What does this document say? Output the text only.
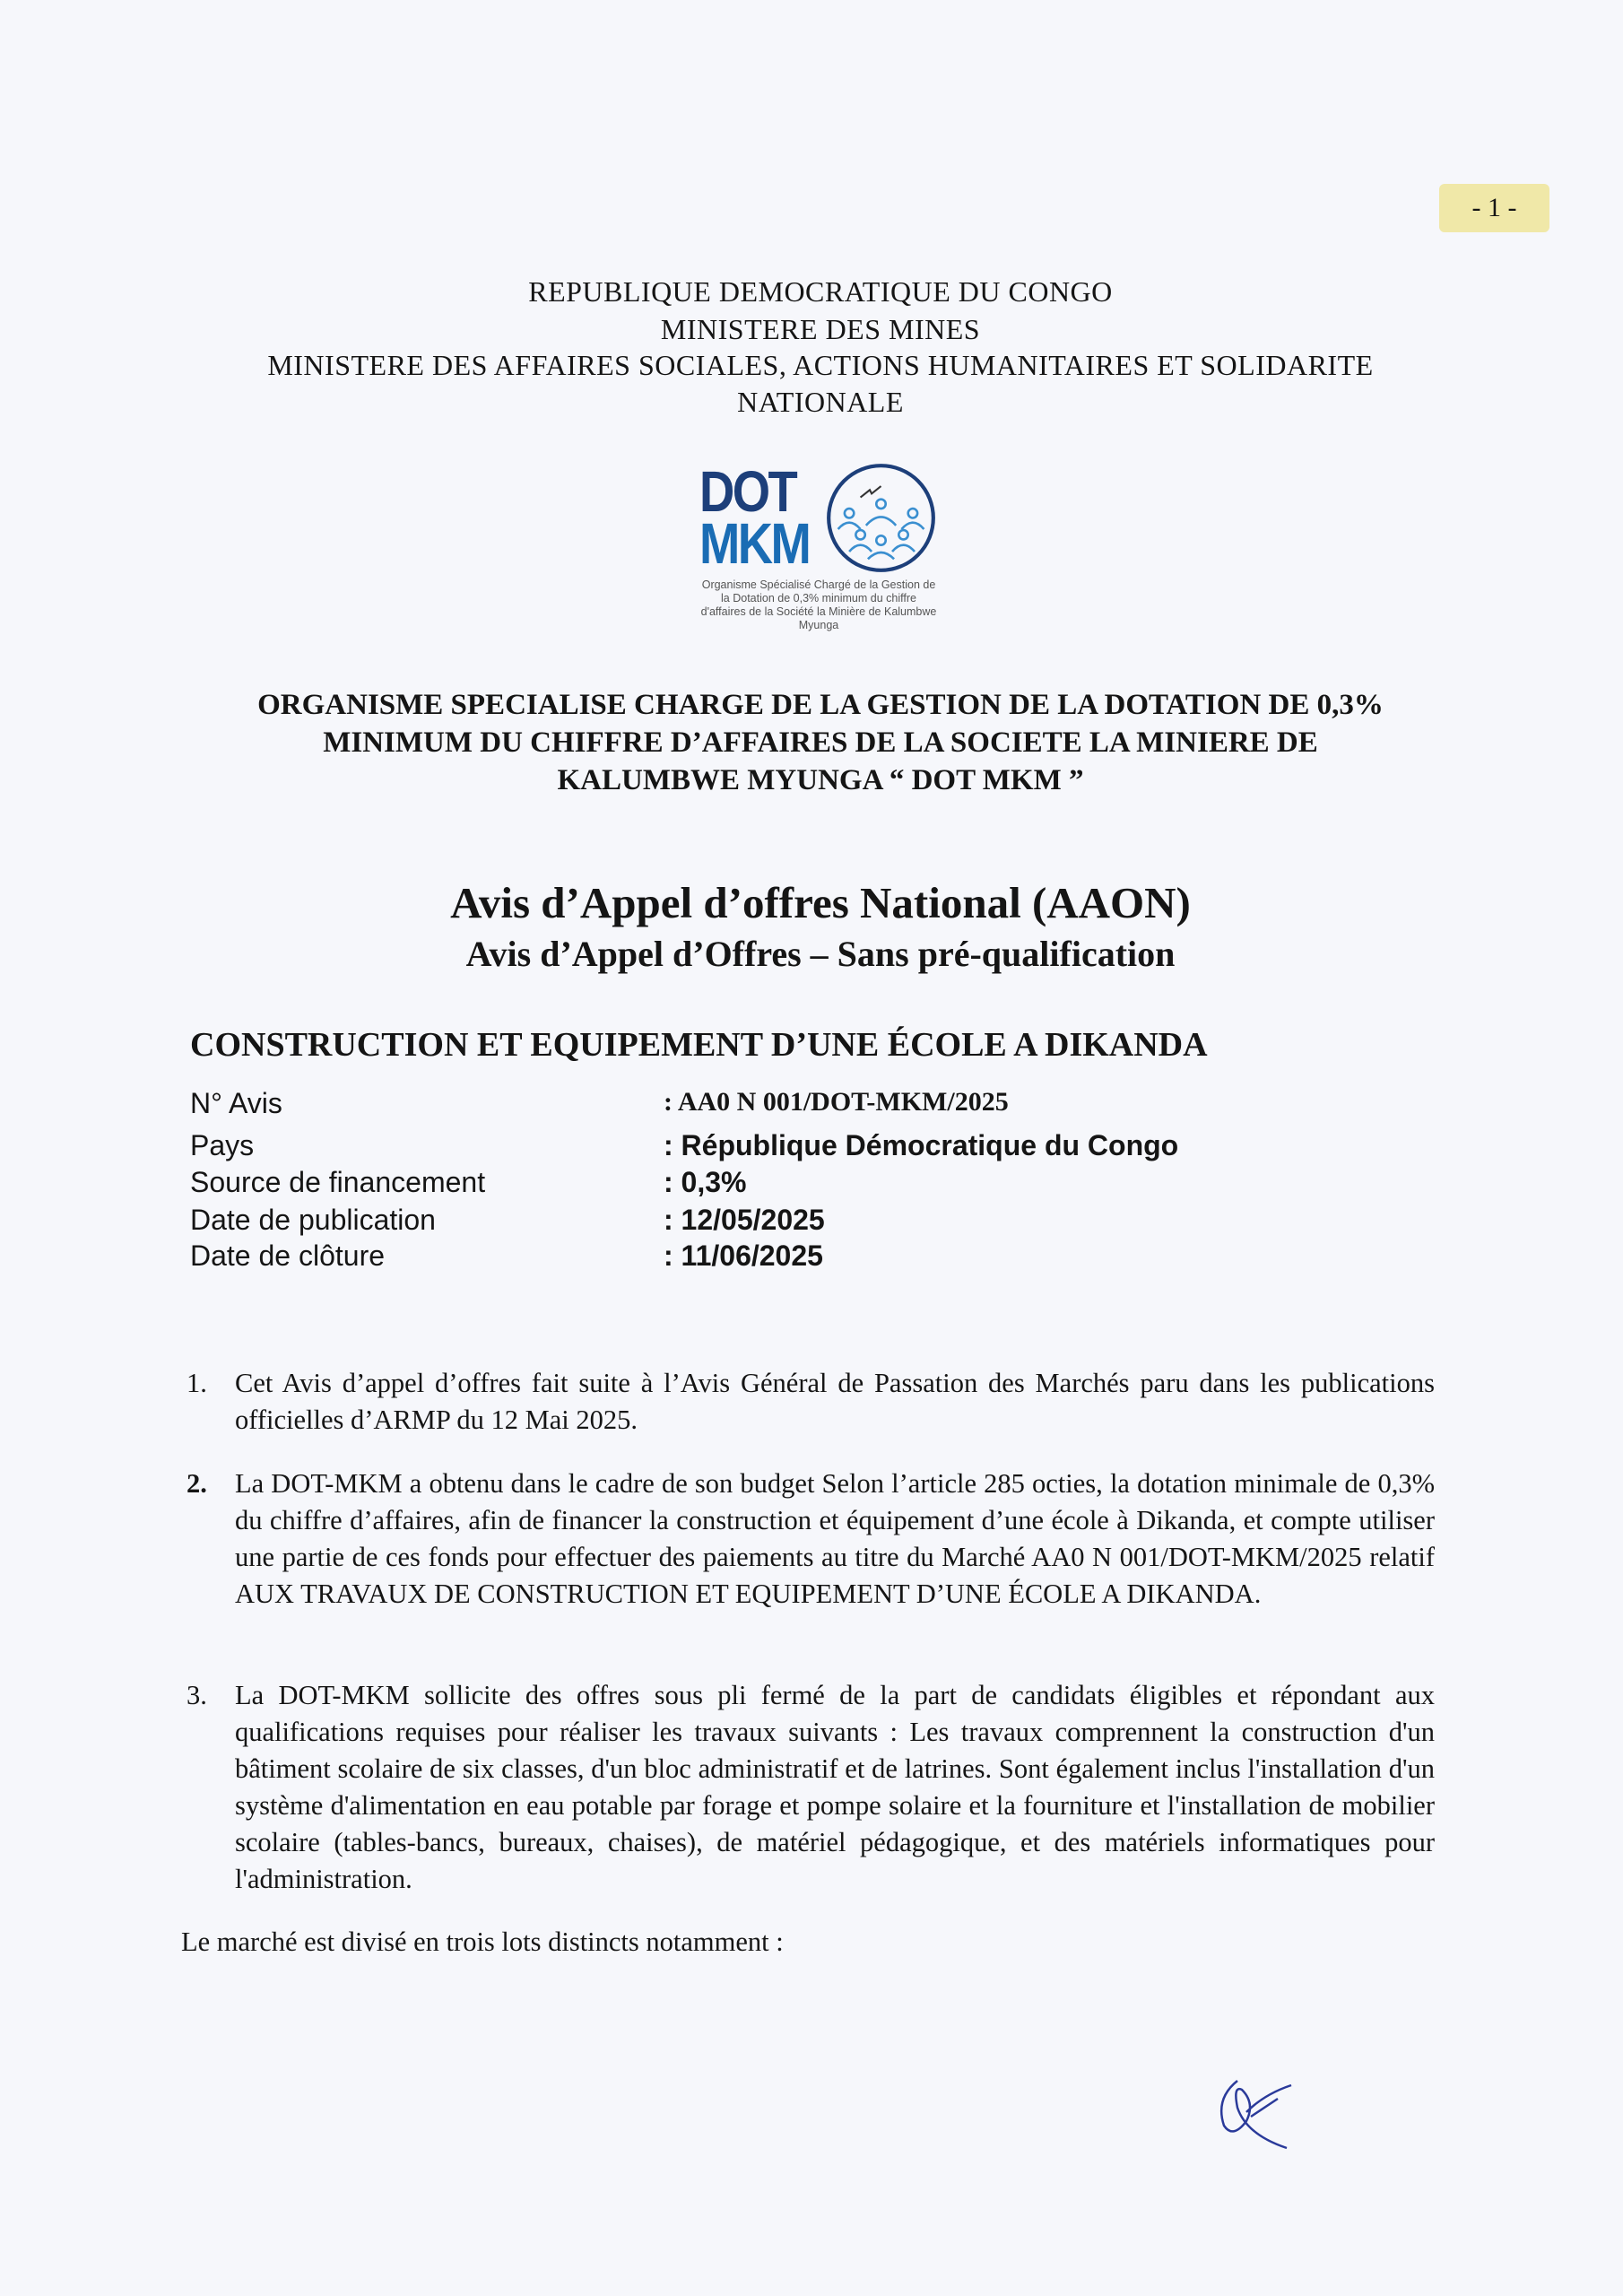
- 1 -
REPUBLIQUE DEMOCRATIQUE DU CONGO
MINISTERE DES MINES
MINISTERE DES AFFAIRES SOCIALES, ACTIONS HUMANITAIRES ET SOLIDARITE
NATIONALE
DOT
MKM
Organisme Spécialisé Chargé de la Gestion de la Dotation de 0,3% minimum du chiffre d'affaires de la Société la Minière de Kalumbwe Myunga
ORGANISME SPECIALISE CHARGE DE LA GESTION DE LA DOTATION DE 0,3%
MINIMUM DU CHIFFRE D’AFFAIRES DE LA SOCIETE LA MINIERE DE
KALUMBWE MYUNGA “ DOT MKM ”
Avis d’Appel d’offres National (AAON)
Avis d’Appel d’Offres – Sans pré-qualification
CONSTRUCTION ET EQUIPEMENT D’UNE ÉCOLE A DIKANDA
N° Avis	: AA0 N 001/DOT-MKM/2025
Pays	: République Démocratique du Congo
Source de financement	: 0,3%
Date de publication	: 12/05/2025
Date de clôture	: 11/06/2025
1. Cet Avis d’appel d’offres fait suite à l’Avis Général de Passation des Marchés paru dans les publications officielles d’ARMP du 12 Mai 2025.
2. La DOT-MKM a obtenu dans le cadre de son budget Selon l’article 285 octies, la dotation minimale de 0,3% du chiffre d’affaires, afin de financer la construction et équipement d’une école à Dikanda, et compte utiliser une partie de ces fonds pour effectuer des paiements au titre du Marché AA0 N 001/DOT-MKM/2025 relatif AUX TRAVAUX DE CONSTRUCTION ET EQUIPEMENT D’UNE ÉCOLE A DIKANDA.
3. La DOT-MKM sollicite des offres sous pli fermé de la part de candidats éligibles et répondant aux qualifications requises pour réaliser les travaux suivants : Les travaux comprennent la construction d'un bâtiment scolaire de six classes, d'un bloc administratif et de latrines. Sont également inclus l'installation d'un système d'alimentation en eau potable par forage et pompe solaire et la fourniture et l'installation de mobilier scolaire (tables-bancs, bureaux, chaises), de matériel pédagogique, et des matériels informatiques pour l'administration.
Le marché est divisé en trois lots distincts notamment :
